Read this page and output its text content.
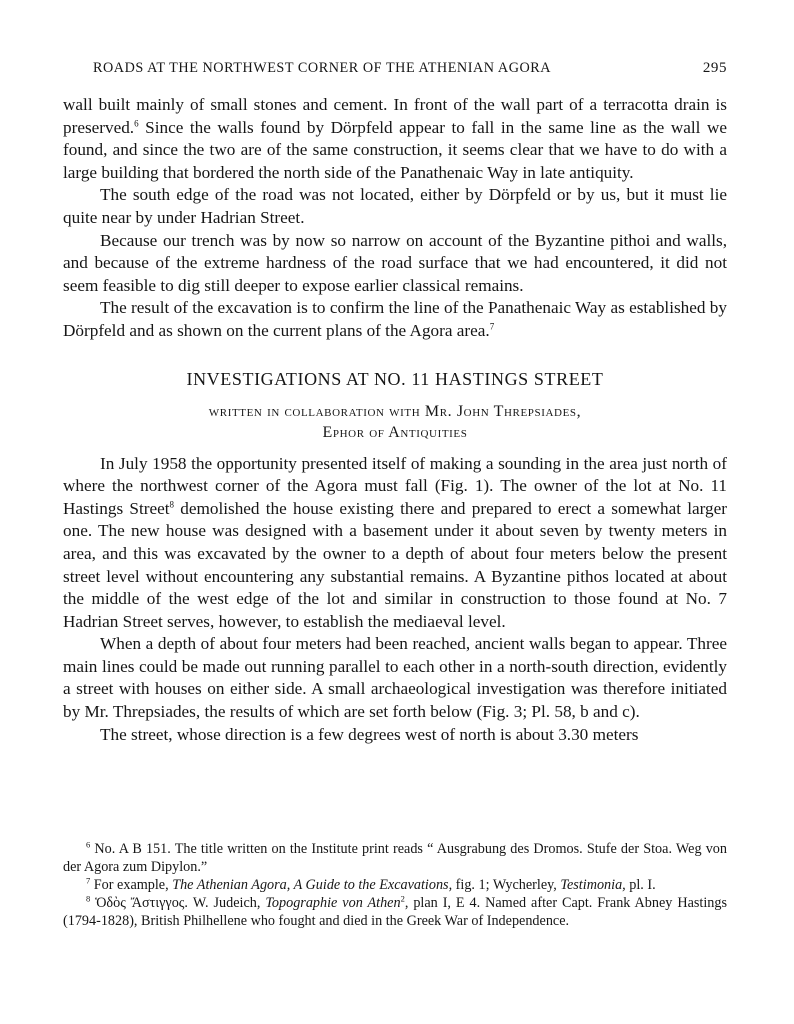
ROADS AT THE NORTHWEST CORNER OF THE ATHENIAN AGORA	295

wall built mainly of small stones and cement. In front of the wall part of a terracotta drain is preserved.$^6$ Since the walls found by Dörpfeld appear to fall in the same line as the wall we found, and since the two are of the same construction, it seems clear that we have to do with a large building that bordered the north side of the Panathenaic Way in late antiquity.

The south edge of the road was not located, either by Dörpfeld or by us, but it must lie quite near by under Hadrian Street.

Because our trench was by now so narrow on account of the Byzantine pithoi and walls, and because of the extreme hardness of the road surface that we had encountered, it did not seem feasible to dig still deeper to expose earlier classical remains.

The result of the excavation is to confirm the line of the Panathenaic Way as established by Dörpfeld and as shown on the current plans of the Agora area.$^7$

INVESTIGATIONS AT NO. 11 HASTINGS STREET

written in collaboration with Mr. John Threpsiades,

Ephor of Antiquities

In July 1958 the opportunity presented itself of making a sounding in the area just north of where the northwest corner of the Agora must fall (Fig. 1). The owner of the lot at No. 11 Hastings Street$^8$ demolished the house existing there and prepared to erect a somewhat larger one. The new house was designed with a basement under it about seven by twenty meters in area, and this was excavated by the owner to a depth of about four meters below the present street level without encountering any substantial remains. A Byzantine pithos located at about the middle of the west edge of the lot and similar in construction to those found at No. 7 Hadrian Street serves, however, to establish the mediaeval level.

When a depth of about four meters had been reached, ancient walls began to appear. Three main lines could be made out running parallel to each other in a north-south direction, evidently a street with houses on either side. A small archaeological investigation was therefore initiated by Mr. Threpsiades, the results of which are set forth below (Fig. 3; Pl. 58, b and c).

The street, whose direction is a few degrees west of north is about 3.30 meters

$^6$ No. A B 151. The title written on the Institute print reads “ Ausgrabung des Dromos. Stufe der Stoa. Weg von der Agora zum Dipylon.”

$^7$ For example, The Athenian Agora, A Guide to the Excavations, fig. 1; Wycherley, Testimonia, pl. I.

$^8$ Ὁδὸς Ἄστιγγος. W. Judeich, Topographie von Athen$^2$, plan I, E 4. Named after Capt. Frank Abney Hastings (1794-1828), British Philhellene who fought and died in the Greek War of Independence.
